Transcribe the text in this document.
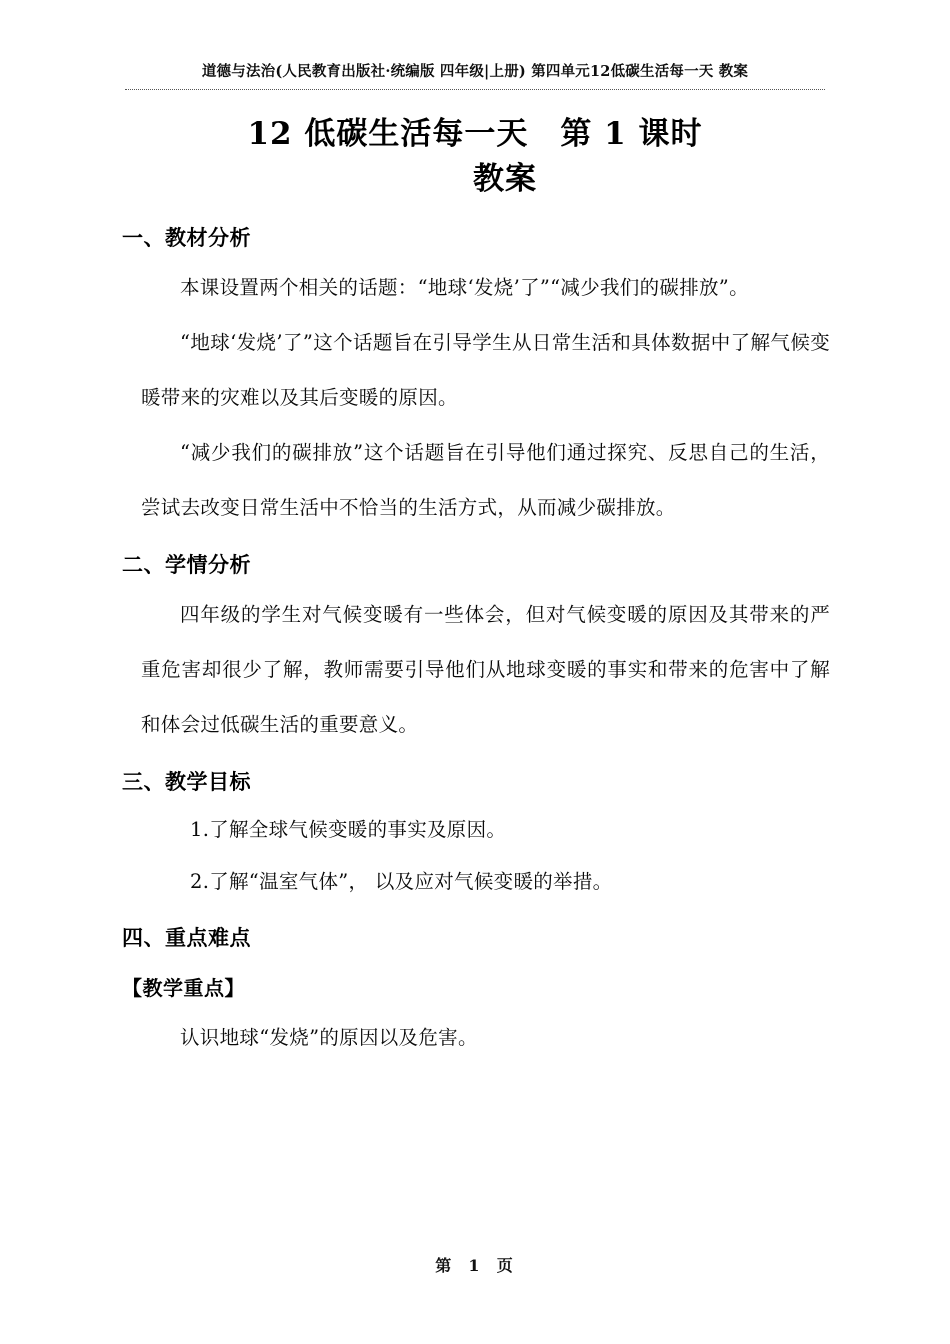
道德与法治(人民教育出版社·统编版 四年级|上册) 第四单元12低碳生活每一天 教案
12 低碳生活每一天　第 1 课时
教案
一、教材分析

本课设置两个相关的话题：“地球‘发烧’了”“减少我们的碳排放”。

“地球‘发烧’了”这个话题旨在引导学生从日常生活和具体数据中了解气候变暖带来的灾难以及其后变暖的原因。

“减少我们的碳排放”这个话题旨在引导他们通过探究、反思自己的生活，尝试去改变日常生活中不恰当的生活方式，从而减少碳排放。

二、学情分析

四年级的学生对气候变暖有一些体会，但对气候变暖的原因及其带来的严重危害却很少了解，教师需要引导他们从地球变暖的事实和带来的危害中了解和体会过低碳生活的重要意义。

三、教学目标

1.了解全球气候变暖的事实及原因。

2.了解“温室气体”， 以及应对气候变暖的举措。

四、重点难点
【教学重点】

认识地球“发烧”的原因以及危害。

第  1  页
